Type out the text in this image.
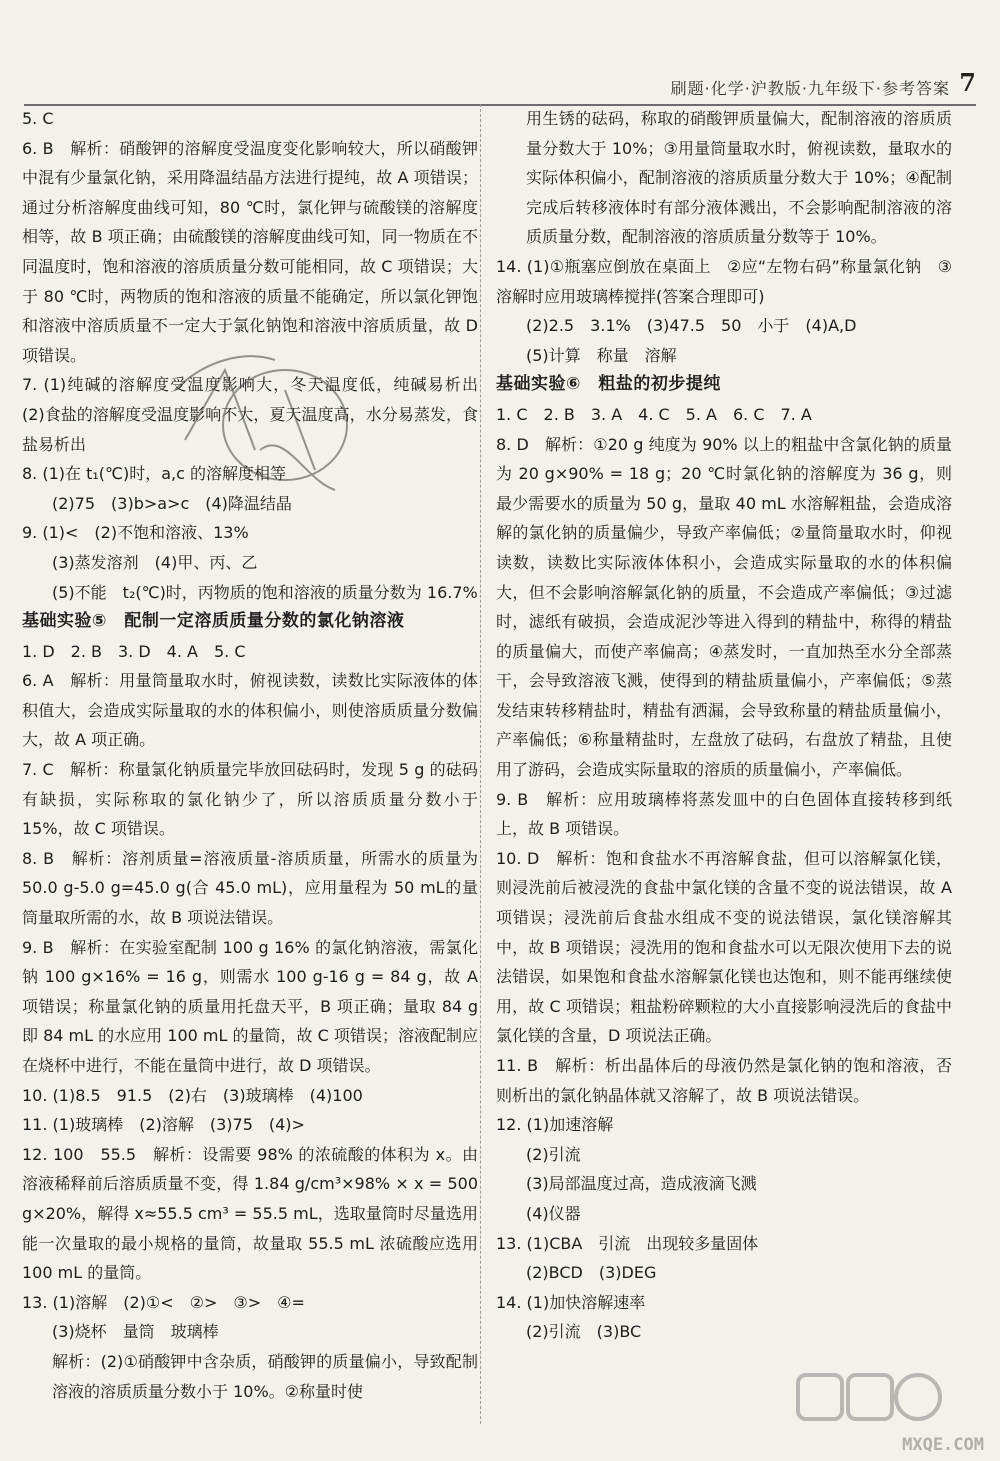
刷题·化学·沪教版·九年级下·参考答案 7
5. C
6. B　解析：硝酸钾的溶解度受温度变化影响较大，所以硝酸钾中混有少量氯化钠，采用降温结晶方法进行提纯，故 A 项错误；通过分析溶解度曲线可知，80 ℃时，氯化钾与硫酸镁的溶解度相等，故 B 项正确；由硫酸镁的溶解度曲线可知，同一物质在不同温度时，饱和溶液的溶质质量分数可能相同，故 C 项错误；大于 80 ℃时，两物质的饱和溶液的质量不能确定，所以氯化钾饱和溶液中溶质质量不一定大于氯化钠饱和溶液中溶质质量，故 D 项错误。
7. (1)纯碱的溶解度受温度影响大，冬天温度低，纯碱易析出　(2)食盐的溶解度受温度影响不大，夏天温度高，水分易蒸发，食盐易析出
8. (1)在 t₁(℃)时，a,c 的溶解度相等
(2)75　(3)b>a>c　(4)降温结晶
9. (1)<　(2)不饱和溶液、13%
(3)蒸发溶剂　(4)甲、丙、乙
(5)不能　t₂(℃)时，丙物质的饱和溶液的质量分数为 16.7%
基础实验⑤　配制一定溶质质量分数的氯化钠溶液
1. D　2. B　3. D　4. A　5. C
6. A　解析：用量筒量取水时，俯视读数，读数比实际液体的体积值大，会造成实际量取的水的体积偏小，则使溶质质量分数偏大，故 A 项正确。
7. C　解析：称量氯化钠质量完毕放回砝码时，发现 5 g 的砝码有缺损，实际称取的氯化钠少了，所以溶质质量分数小于 15%，故 C 项错误。
8. B　解析：溶剂质量=溶液质量-溶质质量，所需水的质量为 50.0 g-5.0 g=45.0 g(合 45.0 mL)，应用量程为 50 mL的量筒量取所需的水，故 B 项说法错误。
9. B　解析：在实验室配制 100 g 16% 的氯化钠溶液，需氯化钠 100 g×16% = 16 g，则需水 100 g-16 g = 84 g，故 A 项错误；称量氯化钠的质量用托盘天平，B 项正确；量取 84 g 即 84 mL 的水应用 100 mL 的量筒，故 C 项错误；溶液配制应在烧杯中进行，不能在量筒中进行，故 D 项错误。
10. (1)8.5　91.5　(2)右　(3)玻璃棒　(4)100
11. (1)玻璃棒　(2)溶解　(3)75　(4)>
12. 100　55.5　解析：设需要 98% 的浓硫酸的体积为 x。由溶液稀释前后溶质质量不变，得 1.84 g/cm³×98% × x = 500 g×20%，解得 x≈55.5 cm³ = 55.5 mL，选取量筒时尽量选用能一次量取的最小规格的量筒，故量取 55.5 mL 浓硫酸应选用 100 mL 的量筒。
13. (1)溶解　(2)①<　②>　③>　④=
(3)烧杯　量筒　玻璃棒
解析：(2)①硝酸钾中含杂质，硝酸钾的质量偏小，导致配制溶液的溶质质量分数小于 10%。②称量时使
用生锈的砝码，称取的硝酸钾质量偏大，配制溶液的溶质质量分数大于 10%；③用量筒量取水时，俯视读数，量取水的实际体积偏小，配制溶液的溶质质量分数大于 10%；④配制完成后转移液体时有部分液体溅出，不会影响配制溶液的溶质质量分数，配制溶液的溶质质量分数等于 10%。
14. (1)①瓶塞应倒放在桌面上　②应“左物右码”称量氯化钠　③溶解时应用玻璃棒搅拌(答案合理即可)
(2)2.5　3.1%　(3)47.5　50　小于　(4)A,D
(5)计算　称量　溶解
基础实验⑥　粗盐的初步提纯
1. C　2. B　3. A　4. C　5. A　6. C　7. A
8. D　解析：①20 g 纯度为 90% 以上的粗盐中含氯化钠的质量为 20 g×90% = 18 g；20 ℃时氯化钠的溶解度为 36 g，则最少需要水的质量为 50 g，量取 40 mL 水溶解粗盐，会造成溶解的氯化钠的质量偏少，导致产率偏低；②量筒量取水时，仰视读数，读数比实际液体体积小，会造成实际量取的水的体积偏大，但不会影响溶解氯化钠的质量，不会造成产率偏低；③过滤时，滤纸有破损，会造成泥沙等进入得到的精盐中，称得的精盐的质量偏大，而使产率偏高；④蒸发时，一直加热至水分全部蒸干，会导致溶液飞溅，使得到的精盐质量偏小，产率偏低；⑤蒸发结束转移精盐时，精盐有洒漏，会导致称量的精盐质量偏小，产率偏低；⑥称量精盐时，左盘放了砝码，右盘放了精盐，且使用了游码，会造成实际量取的溶质的质量偏小，产率偏低。
9. B　解析：应用玻璃棒将蒸发皿中的白色固体直接转移到纸上，故 B 项错误。
10. D　解析：饱和食盐水不再溶解食盐，但可以溶解氯化镁，则浸洗前后被浸洗的食盐中氯化镁的含量不变的说法错误，故 A 项错误；浸洗前后食盐水组成不变的说法错误，氯化镁溶解其中，故 B 项错误；浸洗用的饱和食盐水可以无限次使用下去的说法错误，如果饱和食盐水溶解氯化镁也达饱和，则不能再继续使用，故 C 项错误；粗盐粉碎颗粒的大小直接影响浸洗后的食盐中氯化镁的含量，D 项说法正确。
11. B　解析：析出晶体后的母液仍然是氯化钠的饱和溶液，否则析出的氯化钠晶体就又溶解了，故 B 项说法错误。
12. (1)加速溶解
(2)引流
(3)局部温度过高，造成液滴飞溅
(4)仪器
13. (1)CBA　引流　出现较多量固体
(2)BCD　(3)DEG
14. (1)加快溶解速率
(2)引流　(3)BC
MXQE.COM
